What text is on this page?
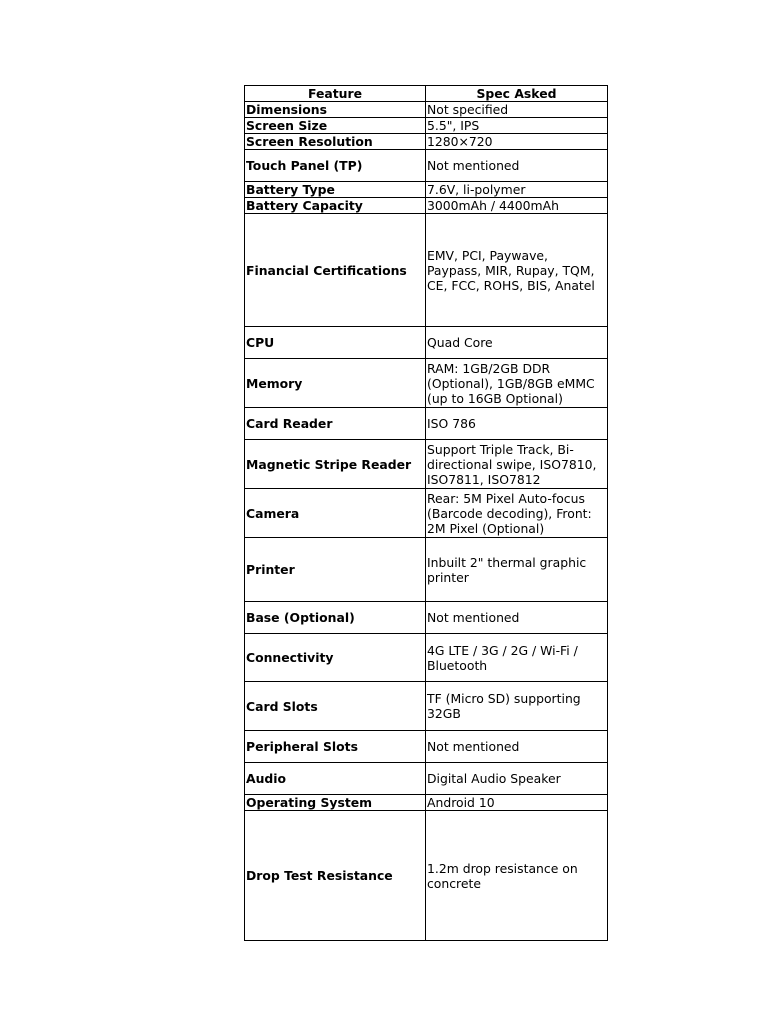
Feature	Spec Asked
Dimensions	Not specified
Screen Size	5.5", IPS
Screen Resolution	1280×720
Touch Panel (TP)	Not mentioned
Battery Type	7.6V, li-polymer
Battery Capacity	3000mAh / 4400mAh
Financial Certifications	EMV, PCI, Paywave, Paypass, MIR, Rupay, TQM, CE, FCC, ROHS, BIS, Anatel
CPU	Quad Core
Memory	RAM: 1GB/2GB DDR (Optional), 1GB/8GB eMMC (up to 16GB Optional)
Card Reader	ISO 786
Magnetic Stripe Reader	Support Triple Track, Bi-directional swipe, ISO7810, ISO7811, ISO7812
Camera	Rear: 5M Pixel Auto-focus (Barcode decoding), Front: 2M Pixel (Optional)
Printer	Inbuilt 2" thermal graphic printer
Base (Optional)	Not mentioned
Connectivity	4G LTE / 3G / 2G / Wi-Fi / Bluetooth
Card Slots	TF (Micro SD) supporting 32GB
Peripheral Slots	Not mentioned
Audio	Digital Audio Speaker
Operating System	Android 10
Drop Test Resistance	1.2m drop resistance on concrete
